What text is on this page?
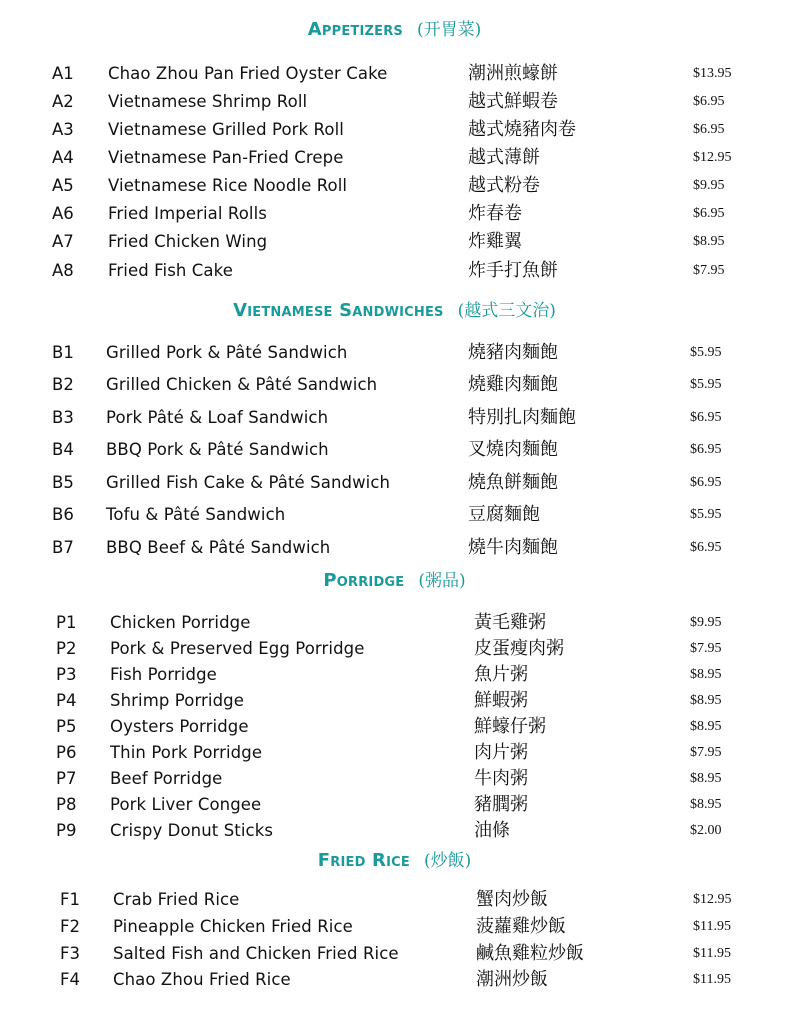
Appetizers (开胃菜)
A1 Chao Zhou Pan Fried Oyster Cake	潮洲煎蠔餅	$13.95
A2 Vietnamese Shrimp Roll	越式鮮蝦卷	$6.95
A3 Vietnamese Grilled Pork Roll	越式燒豬肉卷	$6.95
A4 Vietnamese Pan-Fried Crepe	越式薄餅	$12.95
A5 Vietnamese Rice Noodle Roll	越式粉卷	$9.95
A6 Fried Imperial Rolls	炸春卷	$6.95
A7 Fried Chicken Wing	炸雞翼	$8.95
A8 Fried Fish Cake	炸手打魚餅	$7.95
Vietnamese Sandwiches (越式三文治)
B1 Grilled Pork & Pâté Sandwich	燒豬肉麵飽	$5.95
B2 Grilled Chicken & Pâté Sandwich	燒雞肉麵飽	$5.95
B3 Pork Pâté & Loaf Sandwich	特別扎肉麵飽	$6.95
B4 BBQ Pork & Pâté Sandwich	叉燒肉麵飽	$6.95
B5 Grilled Fish Cake & Pâté Sandwich	燒魚餅麵飽	$6.95
B6 Tofu & Pâté Sandwich	豆腐麵飽	$5.95
B7 BBQ Beef & Pâté Sandwich	燒牛肉麵飽	$6.95
Porridge (粥品)
P1 Chicken Porridge	黃毛雞粥	$9.95
P2 Pork & Preserved Egg Porridge	皮蛋瘦肉粥	$7.95
P3 Fish Porridge	魚片粥	$8.95
P4 Shrimp Porridge	鮮蝦粥	$8.95
P5 Oysters Porridge	鮮蠔仔粥	$8.95
P6 Thin Pork Porridge	肉片粥	$7.95
P7 Beef Porridge	牛肉粥	$8.95
P8 Pork Liver Congee	豬膶粥	$8.95
P9 Crispy Donut Sticks	油條	$2.00
Fried Rice (炒飯)
F1 Crab Fried Rice	蟹肉炒飯	$12.95
F2 Pineapple Chicken Fried Rice	菠蘿雞炒飯	$11.95
F3 Salted Fish and Chicken Fried Rice	鹹魚雞粒炒飯	$11.95
F4 Chao Zhou Fried Rice	潮洲炒飯	$11.95
